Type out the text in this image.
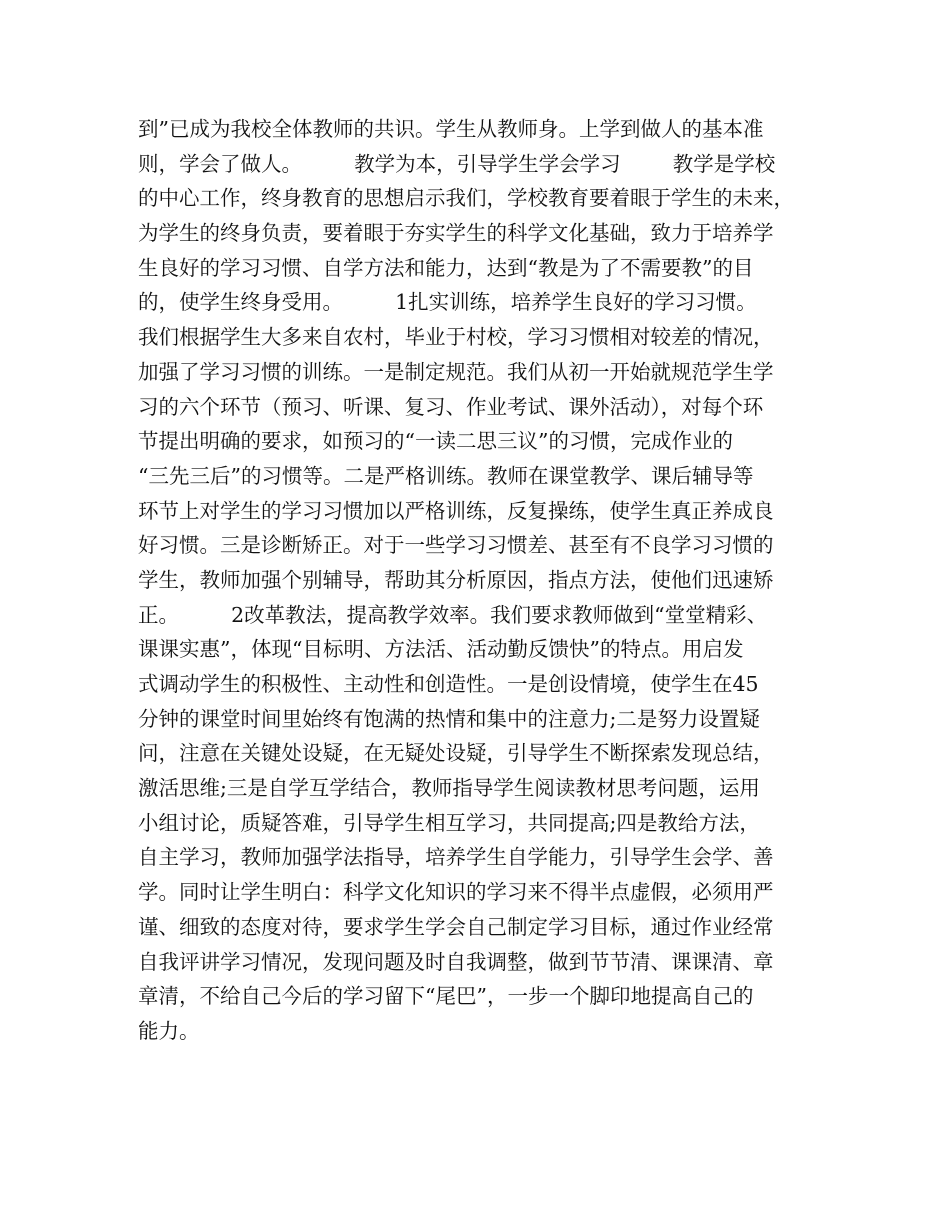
到”已成为我校全体教师的共识。学生从教师身。上学到做人的基本准
则，学会了做人。        教学为本，引导学生学会学习        教学是学校
的中心工作，终身教育的思想启示我们，学校教育要着眼于学生的未来，
为学生的终身负责，要着眼于夯实学生的科学文化基础，致力于培养学
生良好的学习习惯、自学方法和能力，达到“教是为了不需要教”的目
的，使学生终身受用。        1扎实训练，培养学生良好的学习习惯。
我们根据学生大多来自农村，毕业于村校，学习习惯相对较差的情况，
加强了学习习惯的训练。一是制定规范。我们从初一开始就规范学生学
习的六个环节（预习、听课、复习、作业考试、课外活动），对每个环
节提出明确的要求，如预习的“一读二思三议”的习惯，完成作业的
“三先三后”的习惯等。二是严格训练。教师在课堂教学、课后辅导等
环节上对学生的学习习惯加以严格训练，反复操练，使学生真正养成良
好习惯。三是诊断矫正。对于一些学习习惯差、甚至有不良学习习惯的
学生，教师加强个别辅导，帮助其分析原因，指点方法，使他们迅速矫
正。        2改革教法，提高教学效率。我们要求教师做到“堂堂精彩、
课课实惠”，体现“目标明、方法活、活动勤反馈快”的特点。用启发
式调动学生的积极性、主动性和创造性。一是创设情境，使学生在45
分钟的课堂时间里始终有饱满的热情和集中的注意力;二是努力设置疑
问，注意在关键处设疑，在无疑处设疑，引导学生不断探索发现总结，
激活思维;三是自学互学结合，教师指导学生阅读教材思考问题，运用
小组讨论，质疑答难，引导学生相互学习，共同提高;四是教给方法，
自主学习，教师加强学法指导，培养学生自学能力，引导学生会学、善
学。同时让学生明白：科学文化知识的学习来不得半点虚假，必须用严
谨、细致的态度对待，要求学生学会自己制定学习目标，通过作业经常
自我评讲学习情况，发现问题及时自我调整，做到节节清、课课清、章
章清，不给自己今后的学习留下“尾巴”，一步一个脚印地提高自己的
能力。
